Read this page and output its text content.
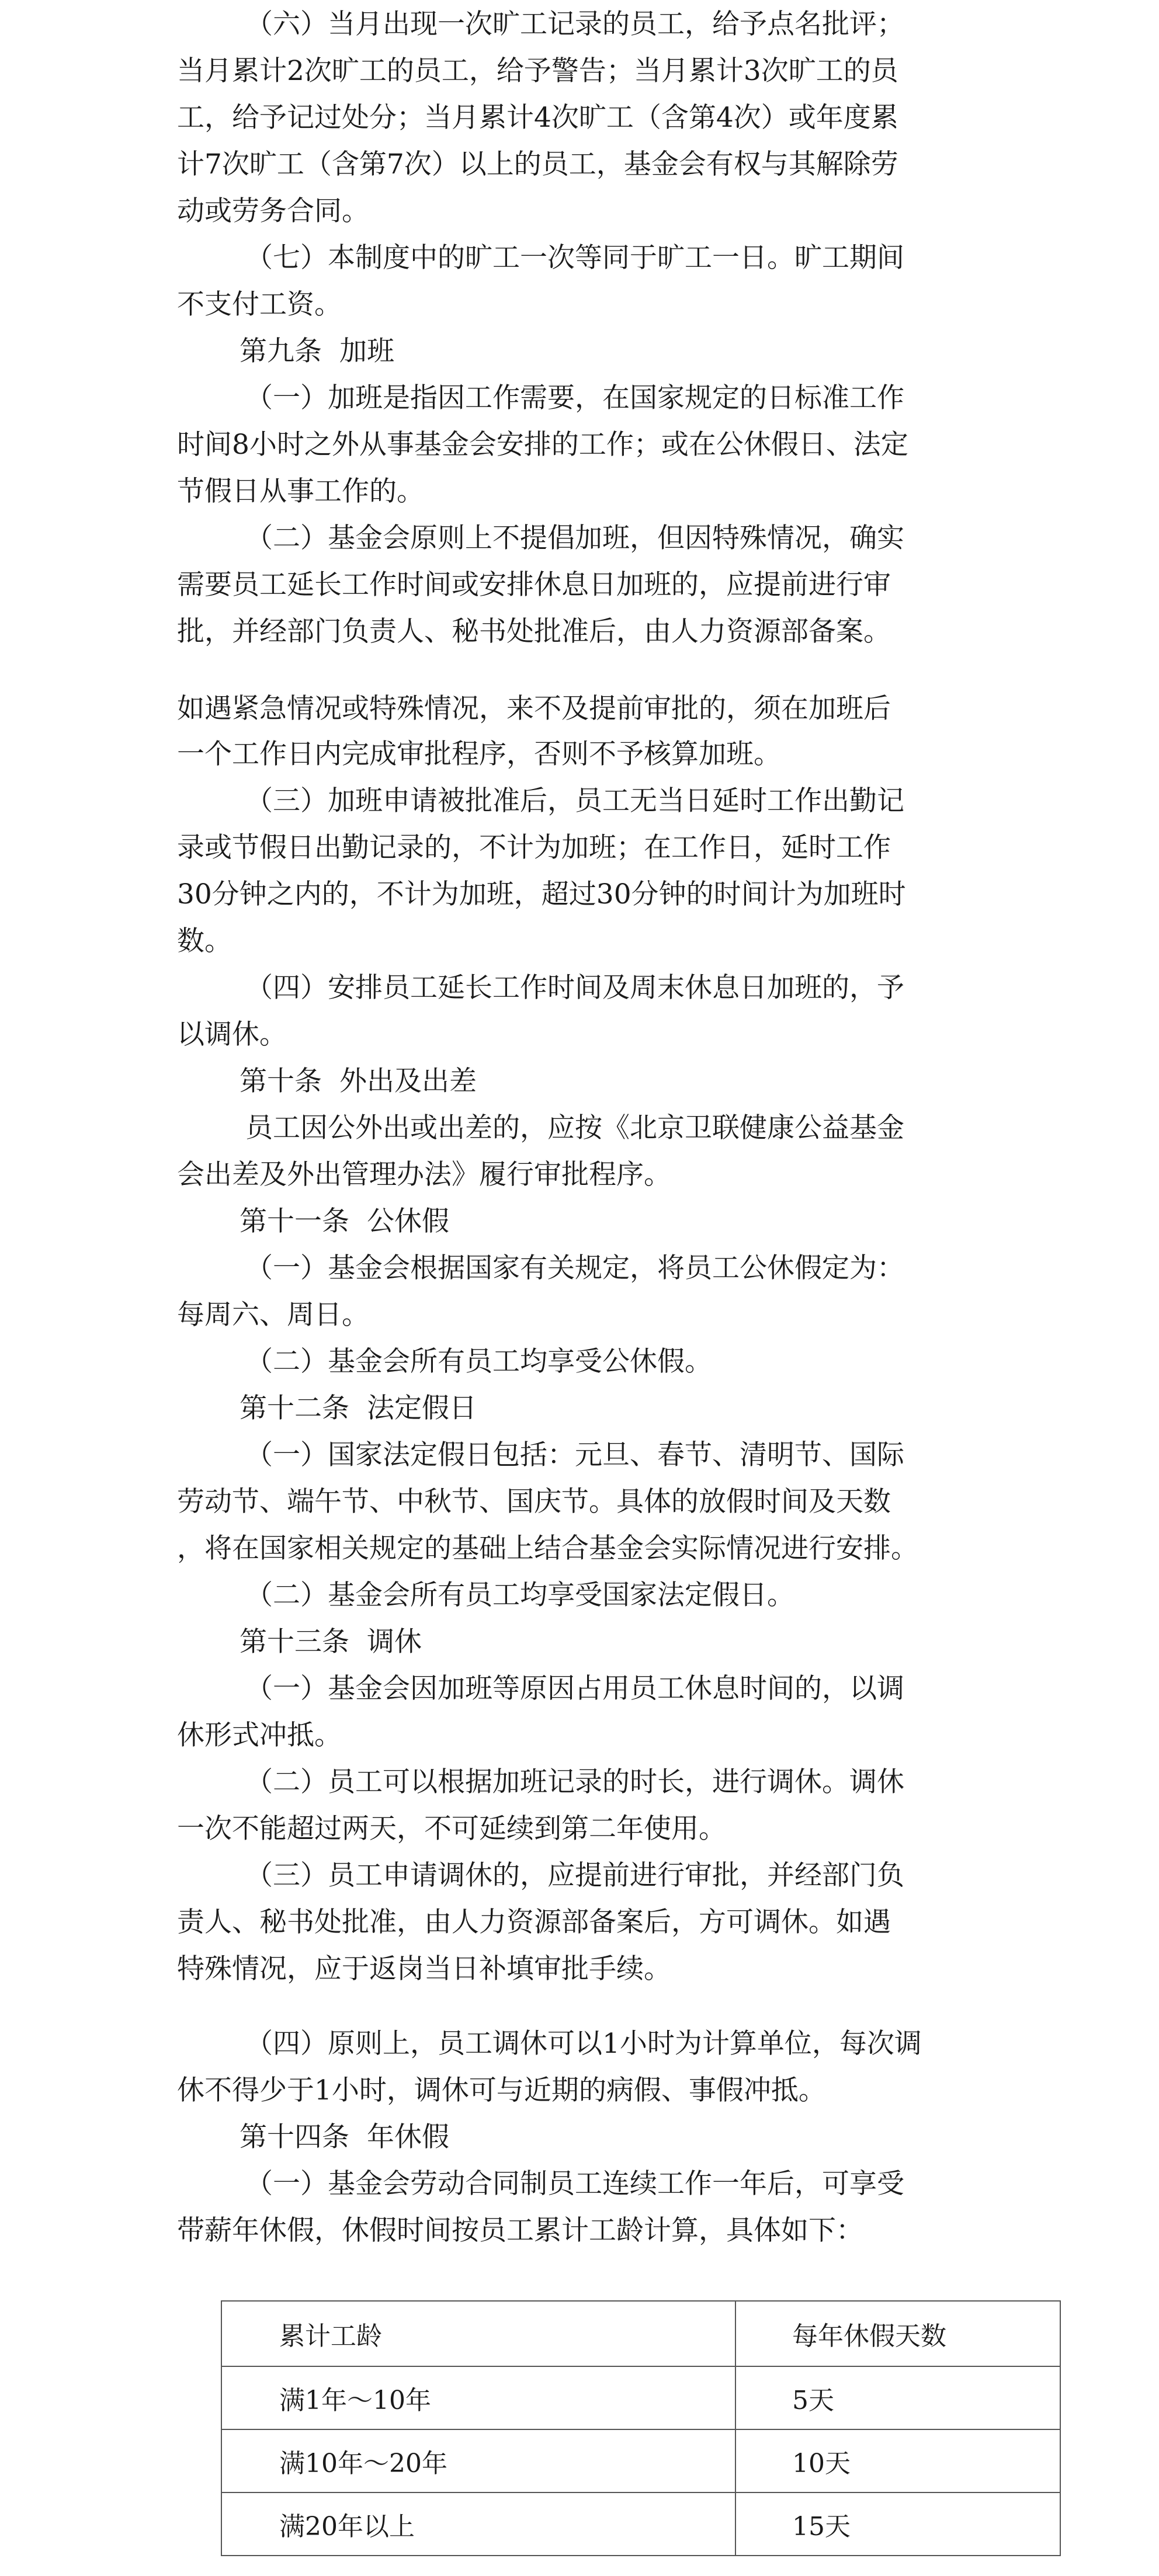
（六）当月出现一次旷工记录的员工，给予点名批评；

当月累计2次旷工的员工，给予警告；当月累计3次旷工的员

工，给予记过处分；当月累计4次旷工（含第4次）或年度累

计7次旷工（含第7次）以上的员工，基金会有权与其解除劳

动或劳务合同。

（七）本制度中的旷工一次等同于旷工一日。旷工期间

不支付工资。

第九条 加班

（一）加班是指因工作需要，在国家规定的日标准工作

时间8小时之外从事基金会安排的工作；或在公休假日、法定

节假日从事工作的。

（二）基金会原则上不提倡加班，但因特殊情况，确实

需要员工延长工作时间或安排休息日加班的，应提前进行审

批，并经部门负责人、秘书处批准后，由人力资源部备案。

如遇紧急情况或特殊情况，来不及提前审批的，须在加班后

一个工作日内完成审批程序，否则不予核算加班。

（三）加班申请被批准后，员工无当日延时工作出勤记

录或节假日出勤记录的，不计为加班；在工作日，延时工作

30分钟之内的，不计为加班，超过30分钟的时间计为加班时

数。

（四）安排员工延长工作时间及周末休息日加班的，予

以调休。

第十条 外出及出差

员工因公外出或出差的，应按《北京卫联健康公益基金

会出差及外出管理办法》履行审批程序。

第十一条 公休假

（一）基金会根据国家有关规定，将员工公休假定为：

每周六、周日。

（二）基金会所有员工均享受公休假。

第十二条 法定假日

（一）国家法定假日包括：元旦、春节、清明节、国际

劳动节、端午节、中秋节、国庆节。具体的放假时间及天数

，将在国家相关规定的基础上结合基金会实际情况进行安排。

（二）基金会所有员工均享受国家法定假日。

第十三条 调休

（一）基金会因加班等原因占用员工休息时间的，以调

休形式冲抵。

（二）员工可以根据加班记录的时长，进行调休。调休

一次不能超过两天，不可延续到第二年使用。

（三）员工申请调休的，应提前进行审批，并经部门负

责人、秘书处批准，由人力资源部备案后，方可调休。如遇

特殊情况，应于返岗当日补填审批手续。

（四）原则上，员工调休可以1小时为计算单位，每次调

休不得少于1小时，调休可与近期的病假、事假冲抵。

第十四条 年休假

（一）基金会劳动合同制员工连续工作一年后，可享受

带薪年休假，休假时间按员工累计工龄计算，具体如下：

累计工龄	每年休假天数
满1年～10年	5天
满10年～20年	10天
满20年以上	15天
